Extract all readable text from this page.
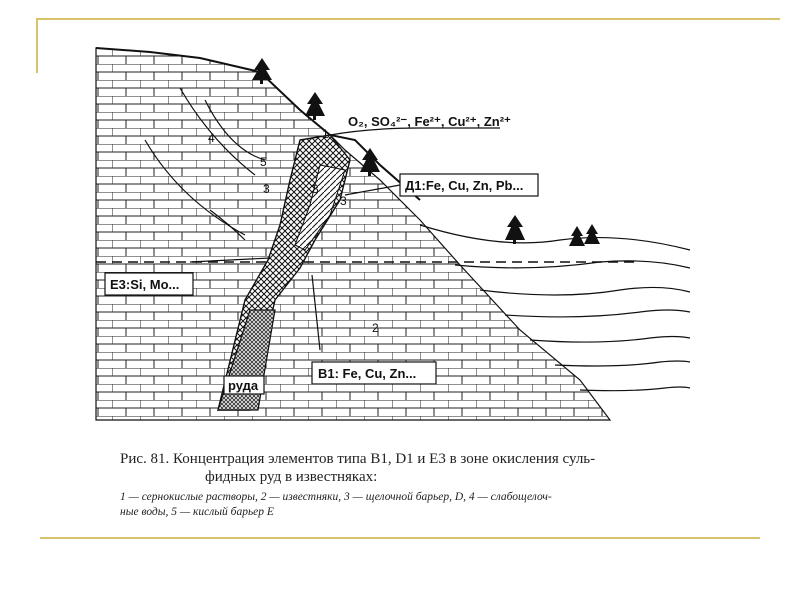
1
2
3	3
3
4
5
O₂, SO₄²⁻, Fe²⁺, Cu²⁺, Zn²⁺
Д1:Fe, Cu, Zn, Pb...
E3:Si, Mo...
B1: Fe, Cu, Zn...
руда
Рис. 81. Концентрация элементов типа B1, D1 и E3 в зоне окисления суль-
фидных руд в известняках:
1 — сернокислые растворы, 2 — известняки, 3 — щелочной барьер, D, 4 — слабощелоч-
ные воды, 5 — кислый барьер E
